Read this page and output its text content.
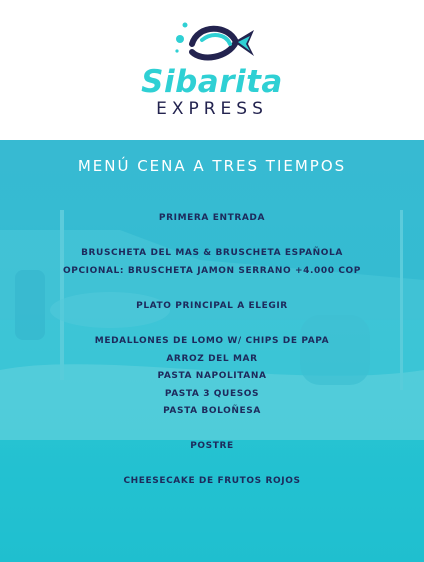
Sibarita
EXPRESS
MENÚ CENA A TRES TIEMPOS
PRIMERA ENTRADA
BRUSCHETA DEL MAS & BRUSCHETA ESPAÑOLA
OPCIONAL: BRUSCHETA JAMON SERRANO +4.000 COP
PLATO PRINCIPAL A ELEGIR
MEDALLONES DE LOMO W/ CHIPS DE PAPA
ARROZ DEL MAR
PASTA NAPOLITANA
PASTA 3 QUESOS
PASTA BOLOÑESA
POSTRE
CHEESECAKE DE FRUTOS ROJOS
